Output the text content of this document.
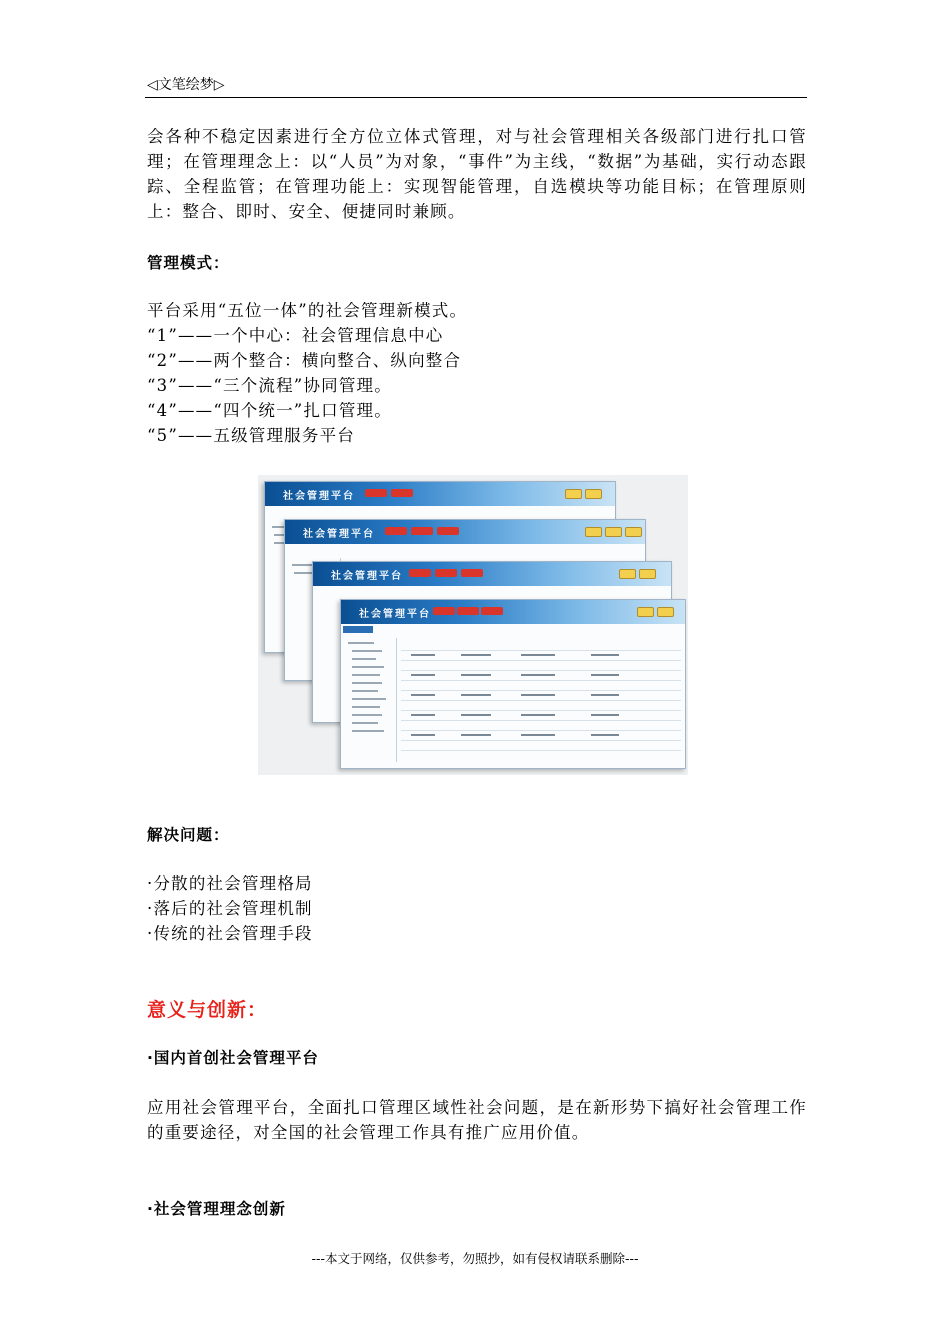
◁文笔绘梦▷
会各种不稳定因素进行全方位立体式管理，对与社会管理相关各级部门进行扎口管理；在管理理念上：以“人员”为对象，“事件”为主线，“数据”为基础，实行动态跟踪、全程监管；在管理功能上：实现智能管理，自选模块等功能目标；在管理原则上：整合、即时、安全、便捷同时兼顾。
管理模式：
平台采用“五位一体”的社会管理新模式。
“1”——一个中心：社会管理信息中心
“2”——两个整合：横向整合、纵向整合
“3”——“三个流程”协同管理。
“4”——“四个统一”扎口管理。
“5”——五级管理服务平台
社会管理平台
社会管理平台
社会管理平台
社会管理平台
解决问题：
·分散的社会管理格局
·落后的社会管理机制
·传统的社会管理手段
意义与创新：
·国内首创社会管理平台
应用社会管理平台，全面扎口管理区域性社会问题，是在新形势下搞好社会管理工作的重要途径，对全国的社会管理工作具有推广应用价值。
·社会管理理念创新
---本文于网络，仅供参考，勿照抄，如有侵权请联系删除---
